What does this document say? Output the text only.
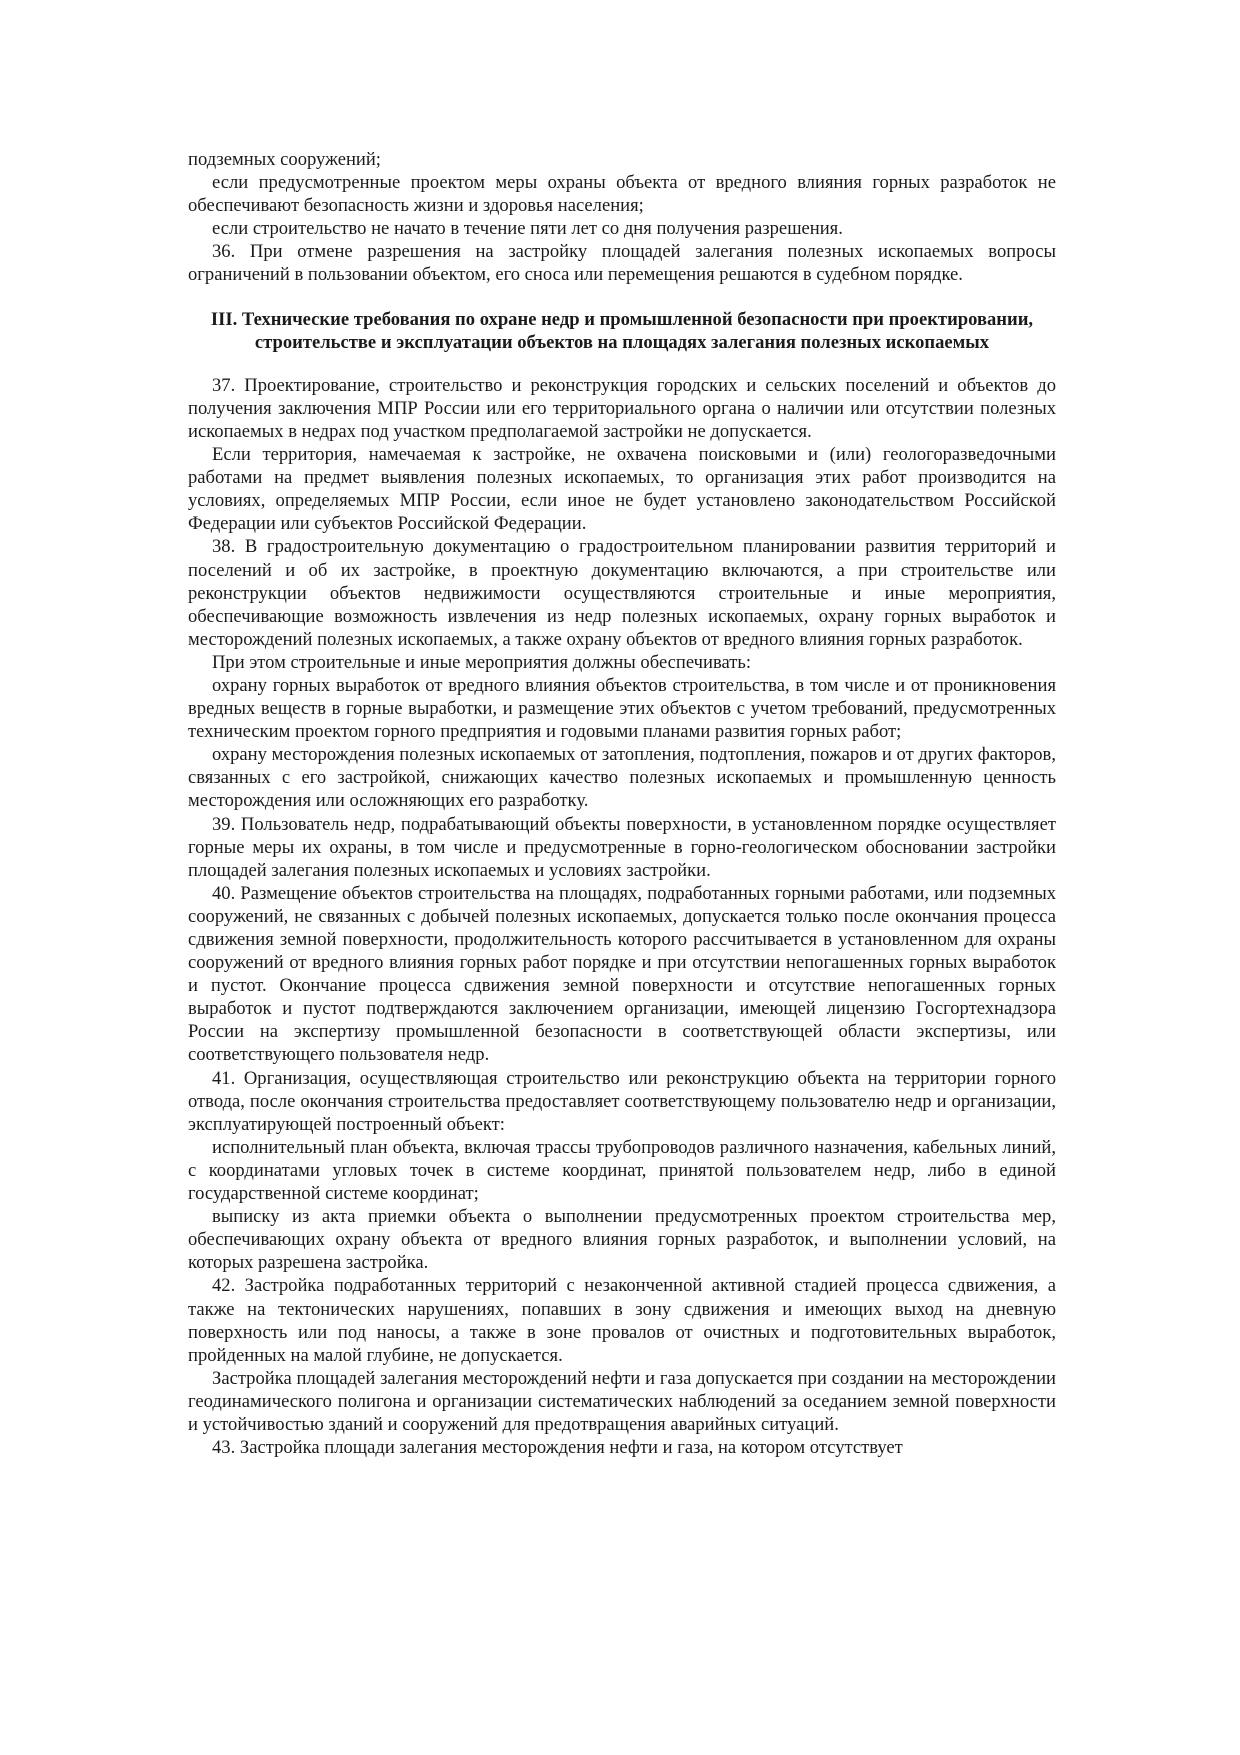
подземных сооружений;

если предусмотренные проектом меры охраны объекта от вредного влияния горных разработок не обеспечивают безопасность жизни и здоровья населения;

если строительство не начато в течение пяти лет со дня получения разрешения.

36. При отмене разрешения на застройку площадей залегания полезных ископаемых вопросы ограничений в пользовании объектом, его сноса или перемещения решаются в судебном порядке.

III. Технические требования по охране недр и промышленной безопасности при проектировании, строительстве и эксплуатации объектов на площадях залегания полезных ископаемых

37. Проектирование, строительство и реконструкция городских и сельских поселений и объектов до получения заключения МПР России или его территориального органа о наличии или отсутствии полезных ископаемых в недрах под участком предполагаемой застройки не допускается.

Если территория, намечаемая к застройке, не охвачена поисковыми и (или) геологоразведочными работами на предмет выявления полезных ископаемых, то организация этих работ производится на условиях, определяемых МПР России, если иное не будет установлено законодательством Российской Федерации или субъектов Российской Федерации.

38. В градостроительную документацию о градостроительном планировании развития территорий и поселений и об их застройке, в проектную документацию включаются, а при строительстве или реконструкции объектов недвижимости осуществляются строительные и иные мероприятия, обеспечивающие возможность извлечения из недр полезных ископаемых, охрану горных выработок и месторождений полезных ископаемых, а также охрану объектов от вредного влияния горных разработок.

При этом строительные и иные мероприятия должны обеспечивать:

охрану горных выработок от вредного влияния объектов строительства, в том числе и от проникновения вредных веществ в горные выработки, и размещение этих объектов с учетом требований, предусмотренных техническим проектом горного предприятия и годовыми планами развития горных работ;

охрану месторождения полезных ископаемых от затопления, подтопления, пожаров и от других факторов, связанных с его застройкой, снижающих качество полезных ископаемых и промышленную ценность месторождения или осложняющих его разработку.

39. Пользователь недр, подрабатывающий объекты поверхности, в установленном порядке осуществляет горные меры их охраны, в том числе и предусмотренные в горно-геологическом обосновании застройки площадей залегания полезных ископаемых и условиях застройки.

40. Размещение объектов строительства на площадях, подработанных горными работами, или подземных сооружений, не связанных с добычей полезных ископаемых, допускается только после окончания процесса сдвижения земной поверхности, продолжительность которого рассчитывается в установленном для охраны сооружений от вредного влияния горных работ порядке и при отсутствии непогашенных горных выработок и пустот. Окончание процесса сдвижения земной поверхности и отсутствие непогашенных горных выработок и пустот подтверждаются заключением организации, имеющей лицензию Госгортехнадзора России на экспертизу промышленной безопасности в соответствующей области экспертизы, или соответствующего пользователя недр.

41. Организация, осуществляющая строительство или реконструкцию объекта на территории горного отвода, после окончания строительства предоставляет соответствующему пользователю недр и организации, эксплуатирующей построенный объект:

исполнительный план объекта, включая трассы трубопроводов различного назначения, кабельных линий, с координатами угловых точек в системе координат, принятой пользователем недр, либо в единой государственной системе координат;

выписку из акта приемки объекта о выполнении предусмотренных проектом строительства мер, обеспечивающих охрану объекта от вредного влияния горных разработок, и выполнении условий, на которых разрешена застройка.

42. Застройка подработанных территорий с незаконченной активной стадией процесса сдвижения, а также на тектонических нарушениях, попавших в зону сдвижения и имеющих выход на дневную поверхность или под наносы, а также в зоне провалов от очистных и подготовительных выработок, пройденных на малой глубине, не допускается.

Застройка площадей залегания месторождений нефти и газа допускается при создании на месторождении геодинамического полигона и организации систематических наблюдений за оседанием земной поверхности и устойчивостью зданий и сооружений для предотвращения аварийных ситуаций.

43. Застройка площади залегания месторождения нефти и газа, на котором отсутствует
